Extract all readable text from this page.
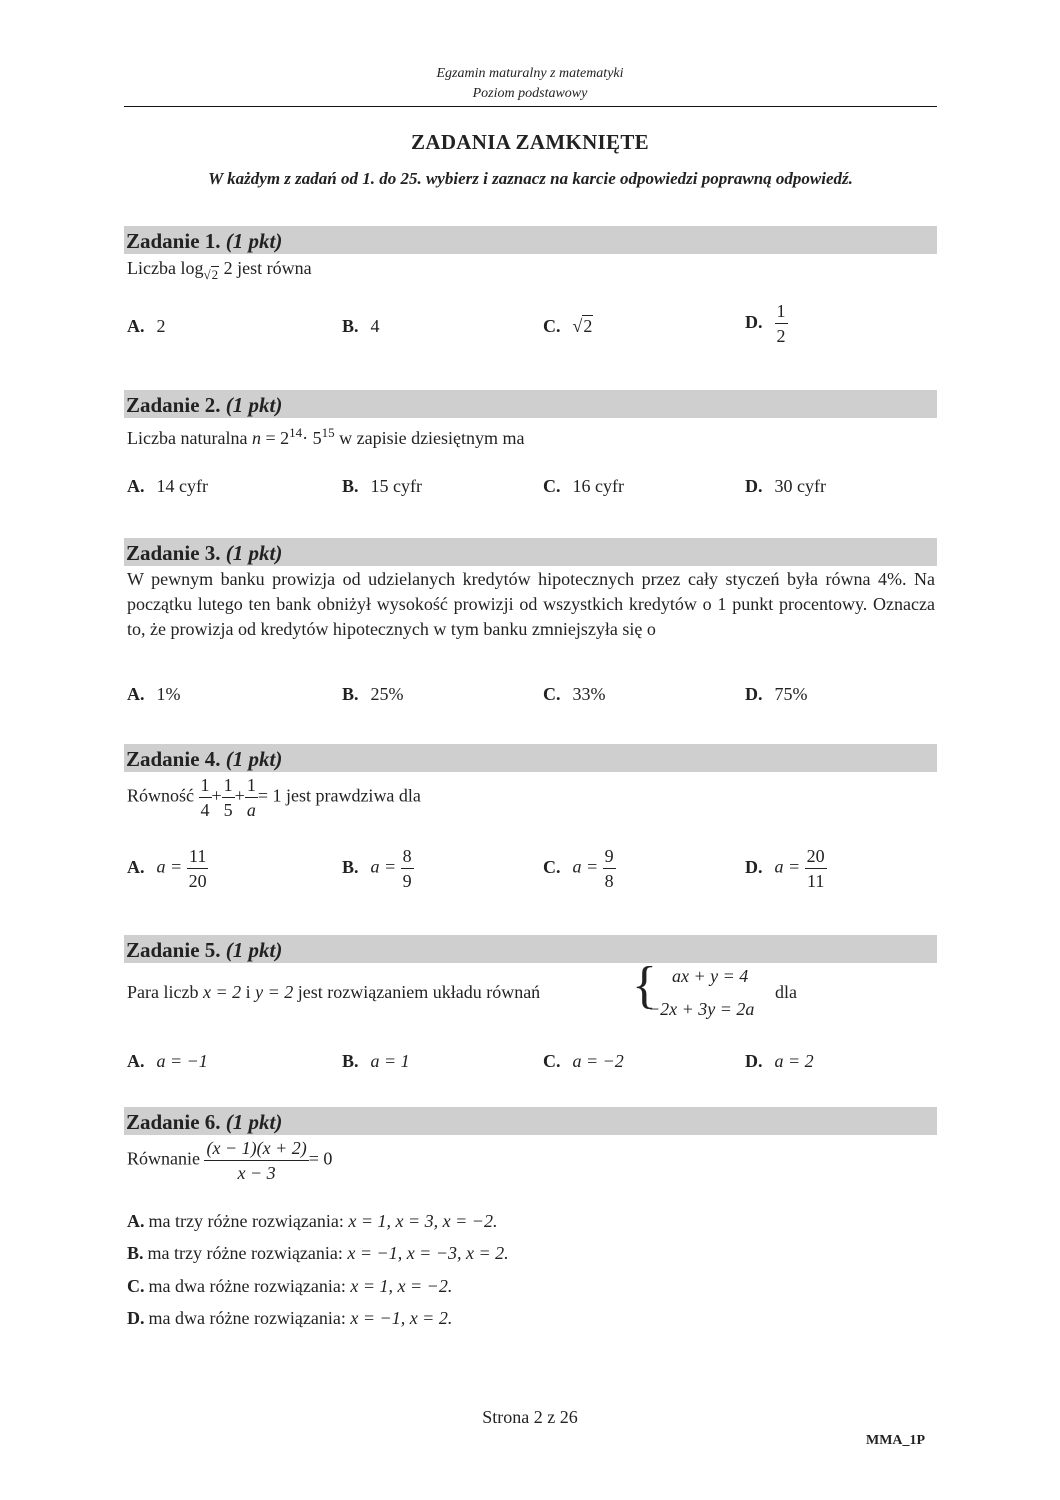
Egzamin maturalny z matematyki
Poziom podstawowy
ZADANIA ZAMKNIĘTE
W każdym z zadań od 1. do 25. wybierz i zaznacz na karcie odpowiedzi poprawną odpowiedź.
Zadanie 1. (1 pkt)
Liczba $\log_{√2} 2$ jest równa
A. 2	B. 4	C. √2	D. $\frac{1}{2}$
Zadanie 2. (1 pkt)
Liczba naturalna $n = 2^{14}\cdot 5^{15}$ w zapisie dziesiętnym ma
A. 14 cyfr	B. 15 cyfr	C. 16 cyfr	D. 30 cyfr
Zadanie 3. (1 pkt)
W pewnym banku prowizja od udzielanych kredytów hipotecznych przez cały styczeń była równa 4%. Na początku lutego ten bank obniżył wysokość prowizji od wszystkich kredytów o 1 punkt procentowy. Oznacza to, że prowizja od kredytów hipotecznych w tym banku zmniejszyła się o
A. 1%	B. 25%	C. 33%	D. 75%
Zadanie 4. (1 pkt)
Równość $\frac{1}{4} + \frac{1}{5} + \frac{1}{a} = 1$ jest prawdziwa dla
A. $a = \frac{11}{20}$	B. $a = \frac{8}{9}$	C. $a = \frac{9}{8}$	D. $a = \frac{20}{11}$
Zadanie 5. (1 pkt)
Para liczb x = 2 i y = 2 jest rozwiązaniem układu równań { ax + y = 4
−2x + 3y = 2a
dla
A. a = −1	B. a = 1	C. a = −2	D. a = 2
Zadanie 6. (1 pkt)
Równanie $\frac{(x - 1)(x + 2)}{x - 3} = 0$
A. ma trzy różne rozwiązania: x = 1, x = 3, x = −2.
B. ma trzy różne rozwiązania: x = −1, x = −3, x = 2.
C. ma dwa różne rozwiązania: x = 1, x = −2.
D. ma dwa różne rozwiązania: x = −1, x = 2.
Strona 2 z 26
MMA_1P
